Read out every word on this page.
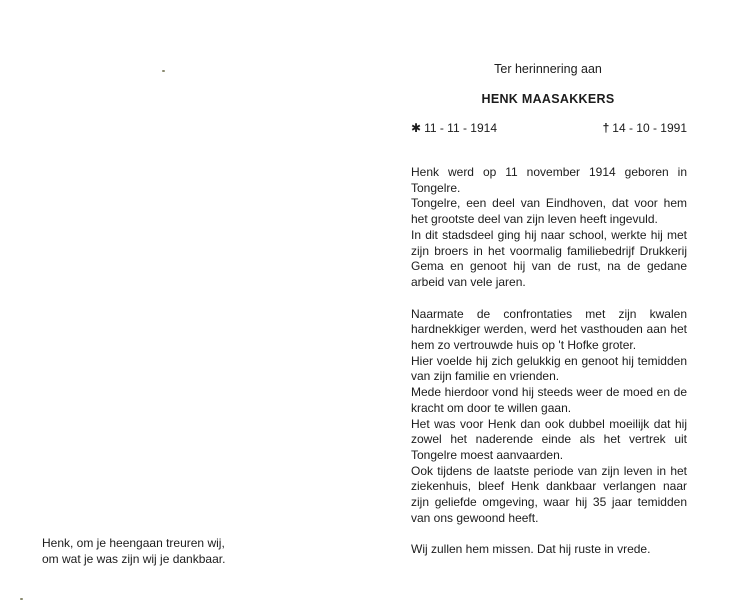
Henk, om je heengaan treuren wij,
om wat je was zijn wij je dankbaar.
Ter herinnering aan
HENK MAASAKKERS
✱ 11 - 11 - 1914	† 14 - 10 - 1991

Henk werd op 11 november 1914 geboren in Tongelre.

Tongelre, een deel van Eindhoven, dat voor hem het grootste deel van zijn leven heeft ingevuld.

In dit stadsdeel ging hij naar school, werkte hij met zijn broers in het voormalig familiebedrijf Drukkerij Gema en genoot hij van de rust, na de gedane arbeid van vele jaren.

Naarmate de confrontaties met zijn kwalen hardnekkiger werden, werd het vasthouden aan het hem zo vertrouwde huis op 't Hofke groter.

Hier voelde hij zich gelukkig en genoot hij temidden van zijn familie en vrienden.

Mede hierdoor vond hij steeds weer de moed en de kracht om door te willen gaan.

Het was voor Henk dan ook dubbel moeilijk dat hij zowel het naderende einde als het vertrek uit Tongelre moest aanvaarden.

Ook tijdens de laatste periode van zijn leven in het ziekenhuis, bleef Henk dankbaar verlangen naar zijn geliefde omgeving, waar hij 35 jaar temidden van ons gewoond heeft.

Wij zullen hem missen. Dat hij ruste in vrede.
